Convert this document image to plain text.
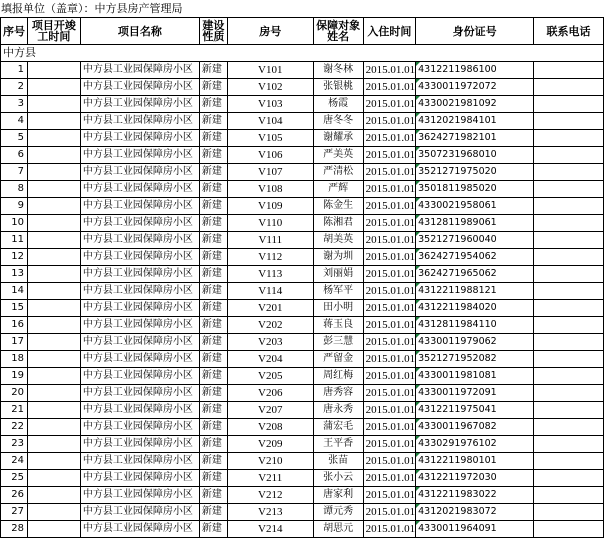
填报单位（盖章）：中方县房产管理局
序号	项目开竣工时间	项目名称	建设性质	房号	保障对象姓名	入住时间	身份证号	联系电话
中方县								
1		中方县工业园保障房小区	新建	V101	谢冬林	2015.01.01	4312211986100	
2		中方县工业园保障房小区	新建	V102	张银桃	2015.01.01	4330011972072	
3		中方县工业园保障房小区	新建	V103	杨霞	2015.01.01	4330021981092	
4		中方县工业园保障房小区	新建	V104	唐冬冬	2015.01.01	4312021984101	
5		中方县工业园保障房小区	新建	V105	谢耀承	2015.01.01	3624271982101	
6		中方县工业园保障房小区	新建	V106	严美英	2015.01.01	3507231968010	
7		中方县工业园保障房小区	新建	V107	严清松	2015.01.01	3521271975020	
8		中方县工业园保障房小区	新建	V108	严辉	2015.01.01	3501811985020	
9		中方县工业园保障房小区	新建	V109	陈金生	2015.01.01	4330021958061	
10		中方县工业园保障房小区	新建	V110	陈湘君	2015.01.01	4312811989061	
11		中方县工业园保障房小区	新建	V111	胡美英	2015.01.01	3521271960040	
12		中方县工业园保障房小区	新建	V112	谢为圳	2015.01.01	3624271954062	
13		中方县工业园保障房小区	新建	V113	刘丽娟	2015.01.01	3624271965062	
14		中方县工业园保障房小区	新建	V114	杨军平	2015.01.01	4312211988121	
15		中方县工业园保障房小区	新建	V201	田小明	2015.01.01	4312211984020	
16		中方县工业园保障房小区	新建	V202	蒋玉良	2015.01.01	4312811984110	
17		中方县工业园保障房小区	新建	V203	彭三慧	2015.01.01	4330011979062	
18		中方县工业园保障房小区	新建	V204	严留金	2015.01.01	3521271952082	
19		中方县工业园保障房小区	新建	V205	周红梅	2015.01.01	4330011981081	
20		中方县工业园保障房小区	新建	V206	唐秀容	2015.01.01	4330011972091	
21		中方县工业园保障房小区	新建	V207	唐永秀	2015.01.01	4312211975041	
22		中方县工业园保障房小区	新建	V208	蒲宏毛	2015.01.01	4330011967082	
23		中方县工业园保障房小区	新建	V209	王平香	2015.01.01	4330291976102	
24		中方县工业园保障房小区	新建	V210	张苗	2015.01.01	4312211980101	
25		中方县工业园保障房小区	新建	V211	张小云	2015.01.01	4312211972030	
26		中方县工业园保障房小区	新建	V212	唐家利	2015.01.01	4312211983022	
27		中方县工业园保障房小区	新建	V213	谭元秀	2015.01.01	4312021983072	
28		中方县工业园保障房小区	新建	V214	胡思元	2015.01.01	4330011964091	
